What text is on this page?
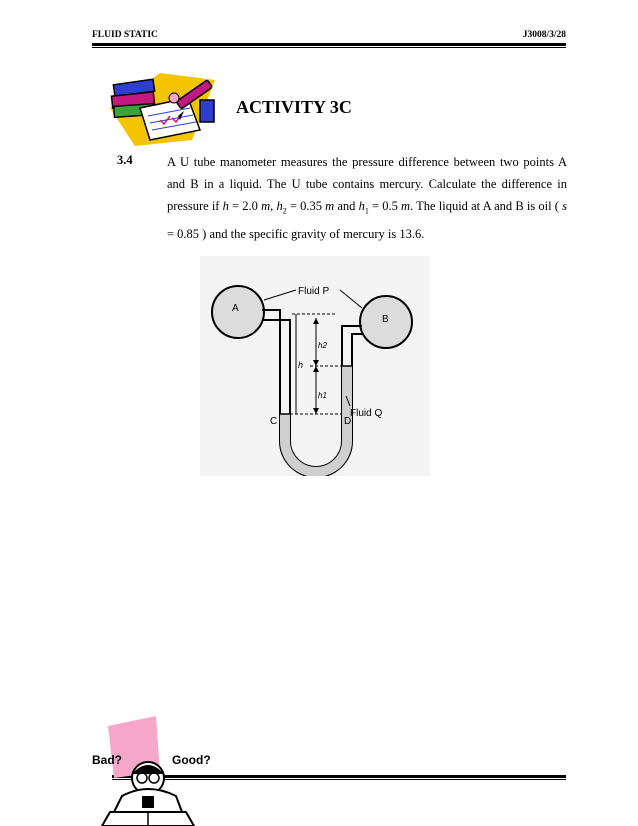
FLUID STATIC	J3008/3/28
ACTIVITY 3C
3.4	A U tube manometer measures the pressure difference between two points A and B in a liquid. The U tube contains mercury. Calculate the difference in pressure if h = 2.0 m, $h_2 = 0.35$ m and $h_1 = 0.5$ m. The liquid at A and B is oil ( s = 0.85 ) and the specific gravity of mercury is 13.6.
Fluid P
Fluid Q
A
B
C	D
h
h2
h1
Bad?	Good?
